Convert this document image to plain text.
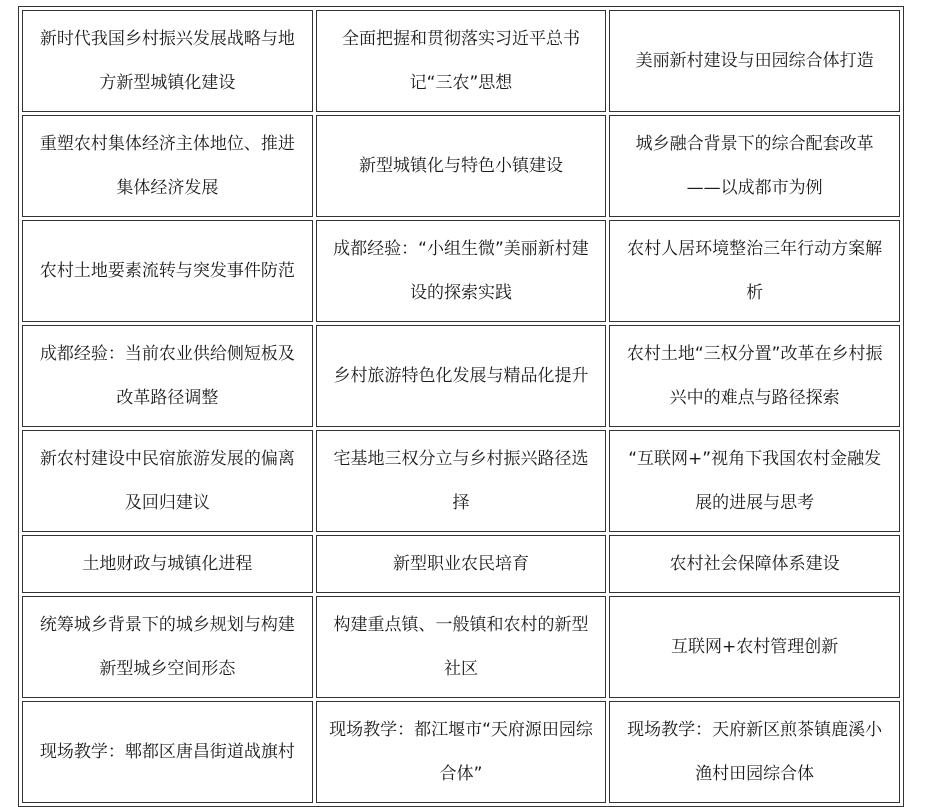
新时代我国乡村振兴发展战略与地方新型城镇化建设	全面把握和贯彻落实习近平总书记“三农”思想	美丽新村建设与田园综合体打造
重塑农村集体经济主体地位、推进集体经济发展	新型城镇化与特色小镇建设	城乡融合背景下的综合配套改革——以成都市为例
农村土地要素流转与突发事件防范	成都经验：“小组生微”美丽新村建设的探索实践	农村人居环境整治三年行动方案解析
成都经验：当前农业供给侧短板及改革路径调整	乡村旅游特色化发展与精品化提升	农村土地“三权分置”改革在乡村振兴中的难点与路径探索
新农村建设中民宿旅游发展的偏离及回归建议	宅基地三权分立与乡村振兴路径选择	“互联网+”视角下我国农村金融发展的进展与思考
土地财政与城镇化进程	新型职业农民培育	农村社会保障体系建设
统筹城乡背景下的城乡规划与构建新型城乡空间形态	构建重点镇、一般镇和农村的新型社区	互联网+农村管理创新
现场教学：郫都区唐昌街道战旗村	现场教学：都江堰市“天府源田园综合体”	现场教学：天府新区煎茶镇鹿溪小渔村田园综合体
